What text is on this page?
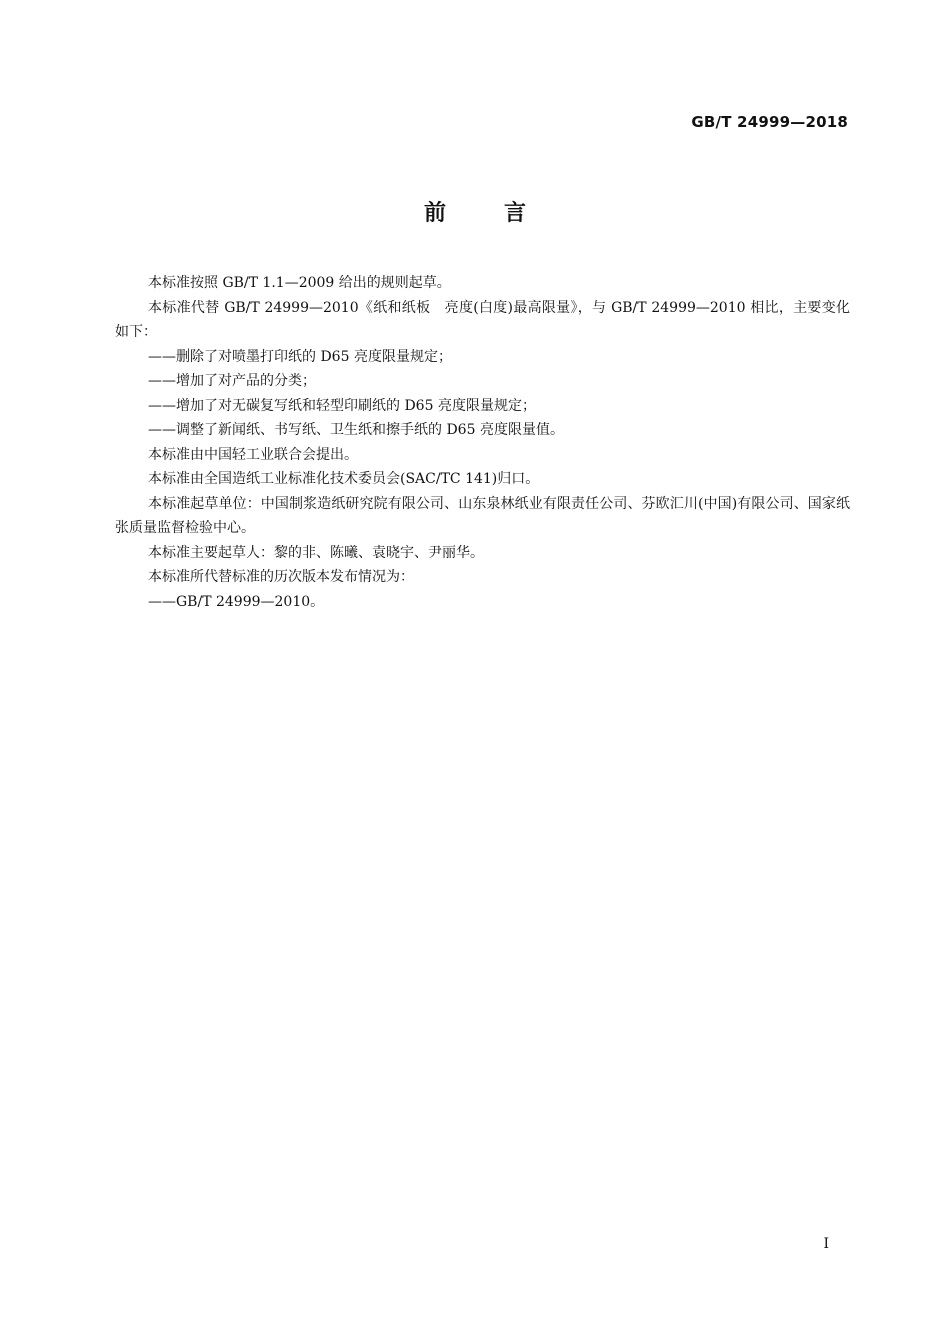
GB/T 24999—2018
前言

本标准按照 GB/T 1.1—2009 给出的规则起草。

本标准代替 GB/T 24999—2010《纸和纸板　亮度(白度)最高限量》，与 GB/T 24999—2010 相比，主要变化如下：

——删除了对喷墨打印纸的 D65 亮度限量规定；

——增加了对产品的分类；

——增加了对无碳复写纸和轻型印刷纸的 D65 亮度限量规定；

——调整了新闻纸、书写纸、卫生纸和擦手纸的 D65 亮度限量值。

本标准由中国轻工业联合会提出。

本标准由全国造纸工业标准化技术委员会(SAC/TC 141)归口。

本标准起草单位：中国制浆造纸研究院有限公司、山东泉林纸业有限责任公司、芬欧汇川(中国)有限公司、国家纸张质量监督检验中心。

本标准主要起草人：黎的非、陈曦、袁晓宇、尹丽华。

本标准所代替标准的历次版本发布情况为：

——GB/T 24999—2010。

I
